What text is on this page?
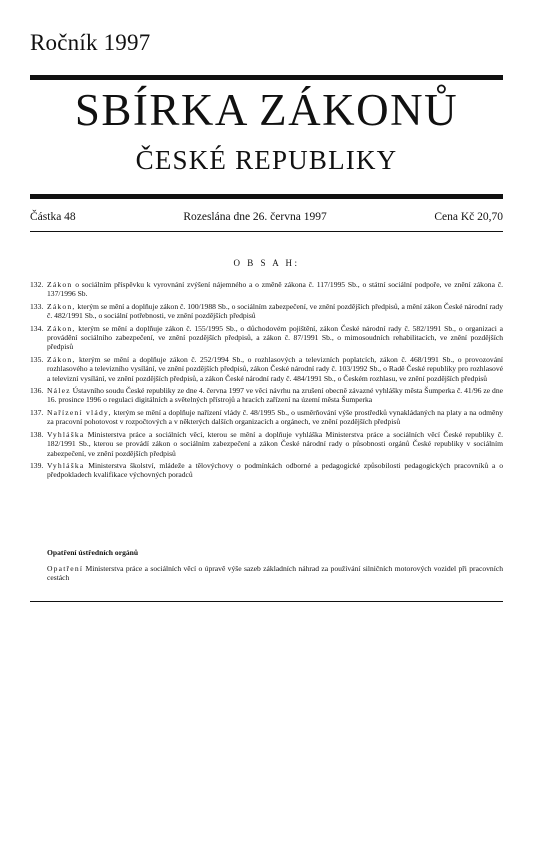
Ročník 1997
SBÍRKA ZÁKONŮ
ČESKÉ REPUBLIKY
Částka 48	Rozeslána dne 26. června 1997	Cena Kč 20,70
O B S A H:
132. Zákon o sociálním příspěvku k vyrovnání zvýšení nájemného a o změně zákona č. 117/1995 Sb., o státní sociální podpoře, ve znění zákona č. 137/1996 Sb.
133. Zákon, kterým se mění a doplňuje zákon č. 100/1988 Sb., o sociálním zabezpečení, ve znění pozdějších předpisů, a mění zákon České národní rady č. 482/1991 Sb., o sociální potřebnosti, ve znění pozdějších předpisů
134. Zákon, kterým se mění a doplňuje zákon č. 155/1995 Sb., o důchodovém pojištění, zákon České národní rady č. 582/1991 Sb., o organizaci a provádění sociálního zabezpečení, ve znění pozdějších předpisů, a zákon č. 87/1991 Sb., o mimosoudních rehabilitacích, ve znění pozdějších předpisů
135. Zákon, kterým se mění a doplňuje zákon č. 252/1994 Sb., o rozhlasových a televizních poplatcích, zákon č. 468/1991 Sb., o provozování rozhlasového a televizního vysílání, ve znění pozdějších předpisů, zákon České národní rady č. 103/1992 Sb., o Radě České republiky pro rozhlasové a televizní vysílání, ve znění pozdějších předpisů, a zákon České národní rady č. 484/1991 Sb., o Českém rozhlasu, ve znění pozdějších předpisů
136. Nález Ústavního soudu České republiky ze dne 4. června 1997 ve věci návrhu na zrušení obecně závazné vyhlášky města Šumperka č. 41/96 ze dne 16. prosince 1996 o regulaci digitálních a světelných přístrojů a hracích zařízení na území města Šumperka
137. Nařízení vlády, kterým se mění a doplňuje nařízení vlády č. 48/1995 Sb., o usměrňování výše prostředků vynakládaných na platy a na odměny za pracovní pohotovost v rozpočtových a v některých dalších organizacích a orgánech, ve znění pozdějších předpisů
138. Vyhláška Ministerstva práce a sociálních věcí, kterou se mění a doplňuje vyhláška Ministerstva práce a sociálních věcí České republiky č. 182/1991 Sb., kterou se provádí zákon o sociálním zabezpečení a zákon České národní rady o působnosti orgánů České republiky v sociálním zabezpečení, ve znění pozdějších předpisů
139. Vyhláška Ministerstva školství, mládeže a tělovýchovy o podmínkách odborné a pedagogické způsobilosti pedagogických pracovníků a o předpokladech kvalifikace výchovných poradců
Opatření ústředních orgánů
Opatření Ministerstva práce a sociálních věcí o úpravě výše sazeb základních náhrad za používání silničních motorových vozidel při pracovních cestách
